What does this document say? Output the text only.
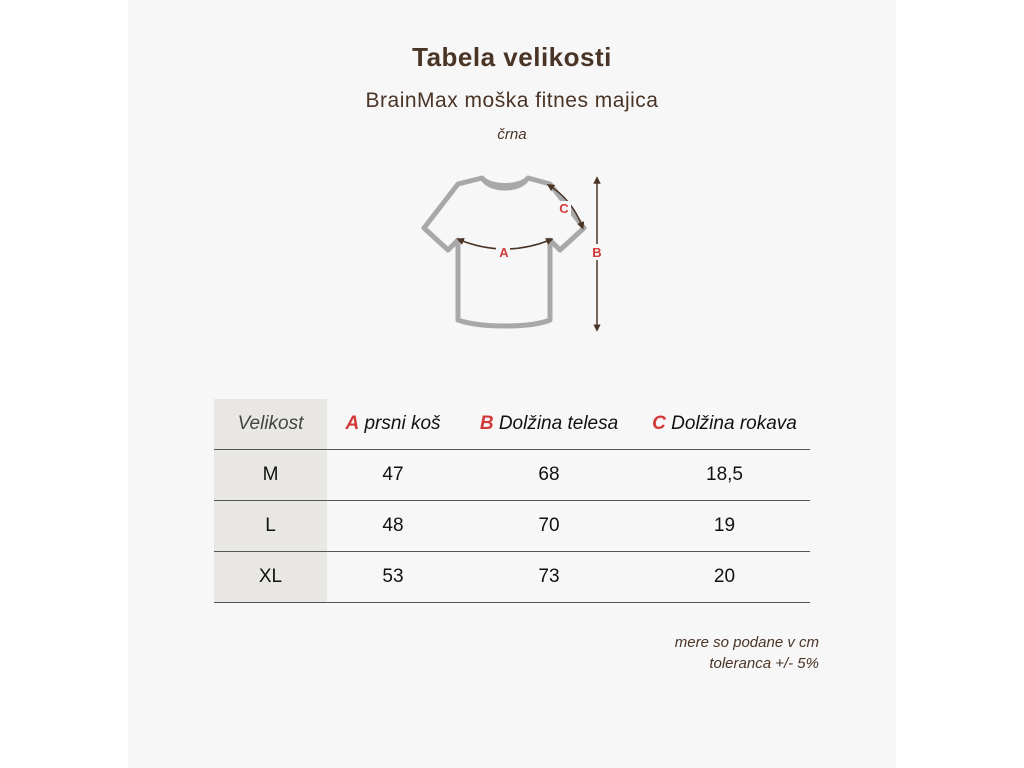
Tabela velikosti
BrainMax moška fitnes majica
črna
A
C
B
Velikost	A prsni koš	B Dolžina telesa	C Dolžina rokava
M	47	68	18,5
L	48	70	19
XL	53	73	20
mere so podane v cm
toleranca +/- 5%
